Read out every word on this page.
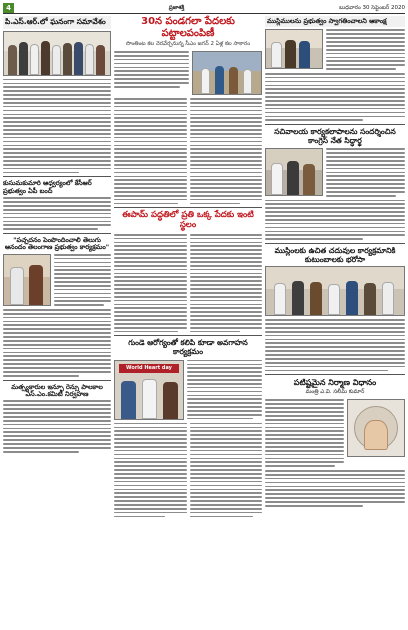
4	ప్రజాశక్తి	బుధవారం 30 సెప్టెంబర్ 2020
పి.ఎస్.ఆర్.లో ఘనంగా సమావేశం
కుసుమకుమారి ఆధ్వర్యంలో కేసీఆర్ ప్రభుత్వం ఏపీ బంద్
"పచ్చదనం పెంపొందించాలి తెలుగు ఆనందం తెలంగాణ ప్రభుత్వం కార్యక్రమం"
మత్స్యకారుల ఇన్సూ రెన్సు పాలకాల ఎస్.ఎం.కమిటీ నిర్వహణ
30న పండగలా పేదలకు పట్టాలపంపిణీ
సొంతింట కల నెరవేర్చనున్న సీఎం జగన్ 2 ఏళ్ల కల సాకారం
ఈపామ్ పద్ధతిలో ప్రతి ఒక్క పేదకు ఇంటి స్థలం
గుండె ఆరోగ్యంతో కలిపి కూడా అవగాహన కార్యక్రమం
World Heart day
ముస్లిములను ప్రభుత్వం స్వాగతించాలని ఆకాంక్ష
సచివాలయ కార్యకలాపాలను సందర్శించిన కాంగ్రెస్ నేత సిద్ధార్థ
ముస్లింలకు ఉచిత చదువుల కార్యక్రమానికి కుటుంబాలకు భరోసా
పటిష్టమైన నిర్మాణ విధానం
మంత్రి ఎ.వి. సలీమ్ కుమార్
